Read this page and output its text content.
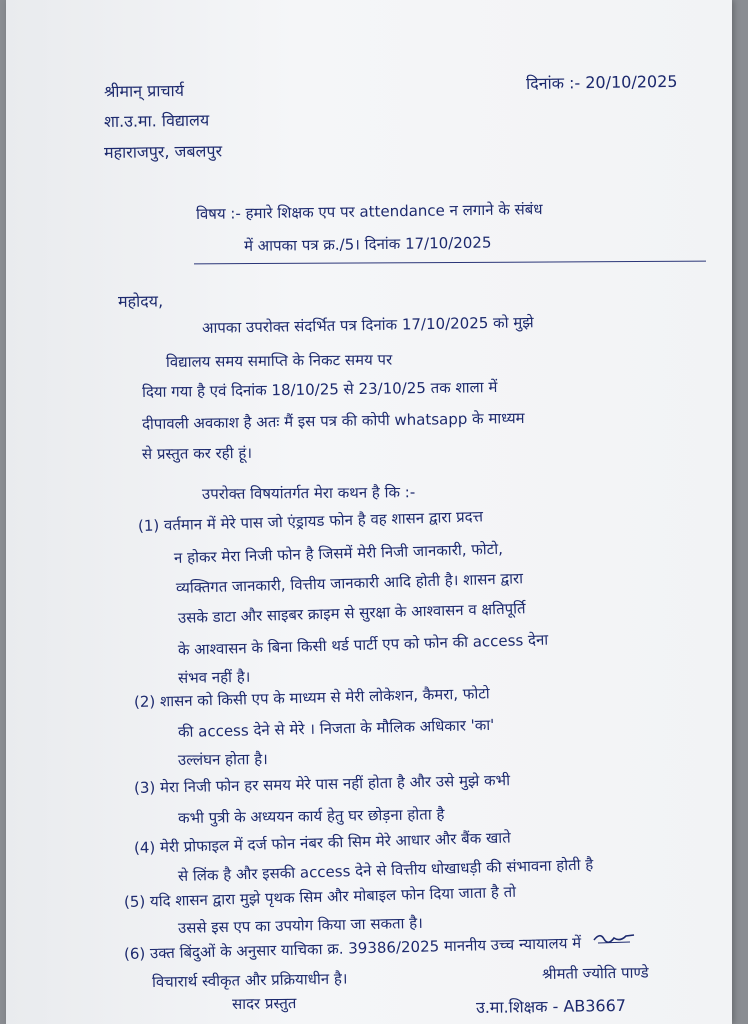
श्रीमान् प्राचार्य
शा.उ.मा. विद्यालय
महाराजपुर, जबलपुर
दिनांक :- 20/10/2025
विषय :- हमारे शिक्षक एप पर attendance न लगाने के संबंध
में आपका पत्र क्र./5। दिनांक 17/10/2025
महोदय,
आपका उपरोक्त संदर्भित पत्र दिनांक 17/10/2025 को मुझे
विद्यालय समय समाप्ति के निकट समय पर
दिया गया है एवं दिनांक 18/10/25 से 23/10/25 तक शाला में
दीपावली अवकाश है अतः मैं इस पत्र की कोपी whatsapp के माध्यम
से प्रस्तुत कर रही हूं।
उपरोक्त विषयांतर्गत मेरा कथन है कि :-
(1) वर्तमान में मेरे पास जो एंड्रायड फोन है वह शासन द्वारा प्रदत्त
न होकर मेरा निजी फोन है जिसमें मेरी निजी जानकारी, फोटो,
व्यक्तिगत जानकारी, वित्तीय जानकारी आदि होती है। शासन द्वारा
उसके डाटा और साइबर क्राइम से सुरक्षा के आश्वासन व क्षतिपूर्ति
के आश्वासन के बिना किसी थर्ड पार्टी एप को फोन की access देना
संभव नहीं है।
(2) शासन को किसी एप के माध्यम से मेरी लोकेशन, कैमरा, फोटो
की access देने से मेरे । निजता के मौलिक अधिकार 'का'
उल्लंघन होता है।
(3) मेरा निजी फोन हर समय मेरे पास नहीं होता है और उसे मुझे कभी
कभी पुत्री के अध्ययन कार्य हेतु घर छोड़ना होता है
(4) मेरी प्रोफाइल में दर्ज फोन नंबर की सिम मेरे आधार और बैंक खाते
से लिंक है और इसकी access देने से वित्तीय धोखाधड़ी की संभावना होती है
(5) यदि शासन द्वारा मुझे पृथक सिम और मोबाइल फोन दिया जाता है तो
उससे इस एप का उपयोग किया जा सकता है।
(6) उक्त बिंदुओं के अनुसार याचिका क्र. 39386/2025 माननीय उच्च न्यायालय में
विचारार्थ स्वीकृत और प्रक्रियाधीन है।
सादर प्रस्तुत
श्रीमती ज्योति पाण्डे
उ.मा.शिक्षक - AB3667
